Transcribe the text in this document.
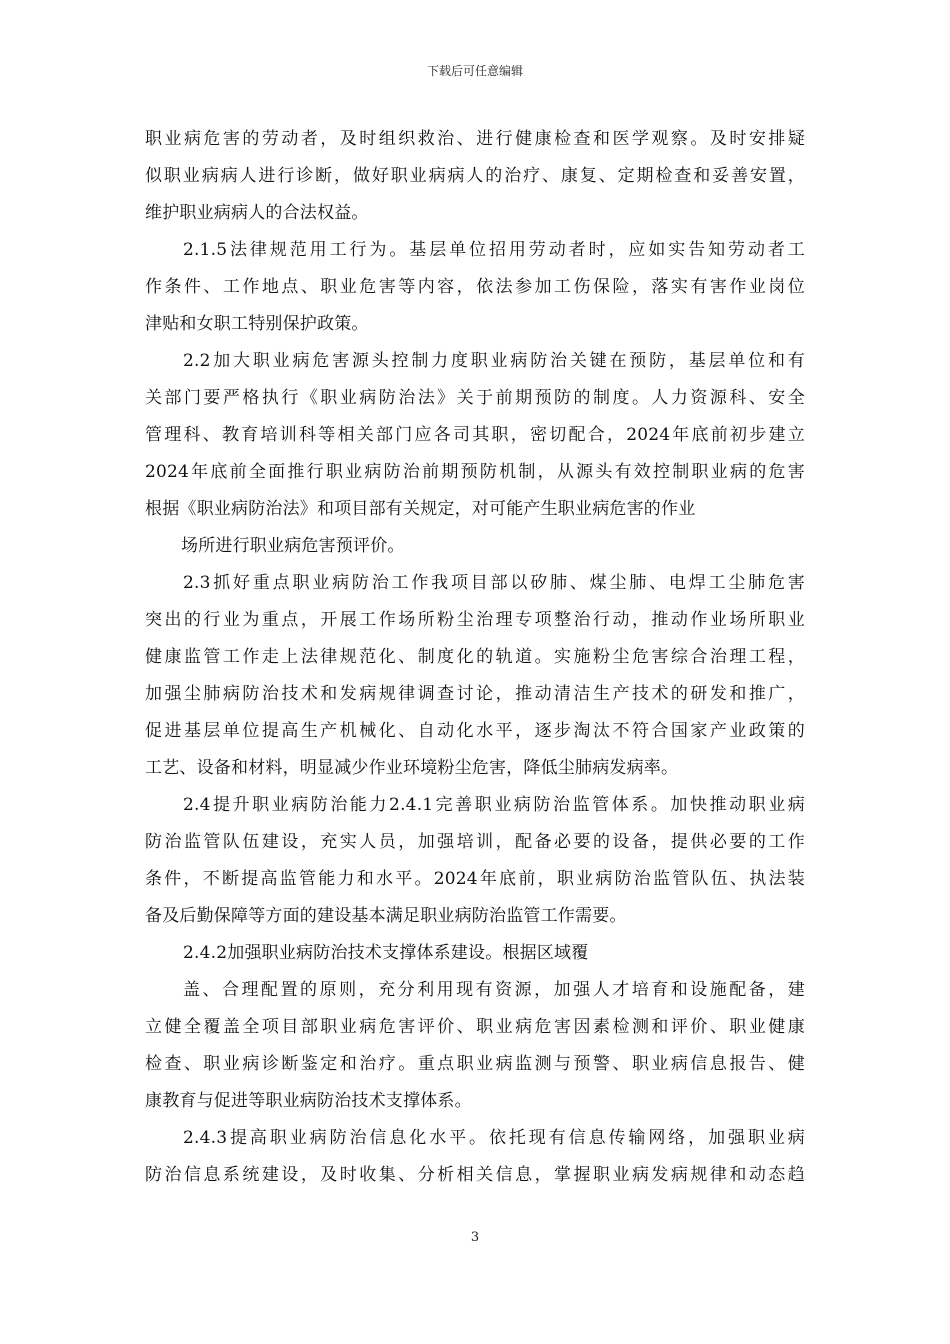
下载后可任意编辑
职业病危害的劳动者，及时组织救治、进行健康检查和医学观察。及时安排疑
似职业病病人进行诊断，做好职业病病人的治疗、康复、定期检查和妥善安置，
维护职业病病人的合法权益。
2.1.5法律规范用工行为。基层单位招用劳动者时，应如实告知劳动者工
作条件、工作地点、职业危害等内容，依法参加工伤保险，落实有害作业岗位
津贴和女职工特别保护政策。
2.2加大职业病危害源头控制力度职业病防治关键在预防，基层单位和有
关部门要严格执行《职业病防治法》关于前期预防的制度。人力资源科、安全
管理科、教育培训科等相关部门应各司其职，密切配合，2024年底前初步建立
2024年底前全面推行职业病防治前期预防机制，从源头有效控制职业病的危害
根据《职业病防治法》和项目部有关规定，对可能产生职业病危害的作业
场所进行职业病危害预评价。
2.3抓好重点职业病防治工作我项目部以矽肺、煤尘肺、电焊工尘肺危害
突出的行业为重点，开展工作场所粉尘治理专项整治行动，推动作业场所职业
健康监管工作走上法律规范化、制度化的轨道。实施粉尘危害综合治理工程，
加强尘肺病防治技术和发病规律调查讨论，推动清洁生产技术的研发和推广，
促进基层单位提高生产机械化、自动化水平，逐步淘汰不符合国家产业政策的
工艺、设备和材料，明显减少作业环境粉尘危害，降低尘肺病发病率。
2.4提升职业病防治能力2.4.1完善职业病防治监管体系。加快推动职业病
防治监管队伍建设，充实人员，加强培训，配备必要的设备，提供必要的工作
条件，不断提高监管能力和水平。2024年底前，职业病防治监管队伍、执法装
备及后勤保障等方面的建设基本满足职业病防治监管工作需要。
2.4.2加强职业病防治技术支撑体系建设。根据区域覆
盖、合理配置的原则，充分利用现有资源，加强人才培育和设施配备，建
立健全覆盖全项目部职业病危害评价、职业病危害因素检测和评价、职业健康
检查、职业病诊断鉴定和治疗。重点职业病监测与预警、职业病信息报告、健
康教育与促进等职业病防治技术支撑体系。
2.4.3提高职业病防治信息化水平。依托现有信息传输网络，加强职业病
防治信息系统建设，及时收集、分析相关信息，掌握职业病发病规律和动态趋
3
